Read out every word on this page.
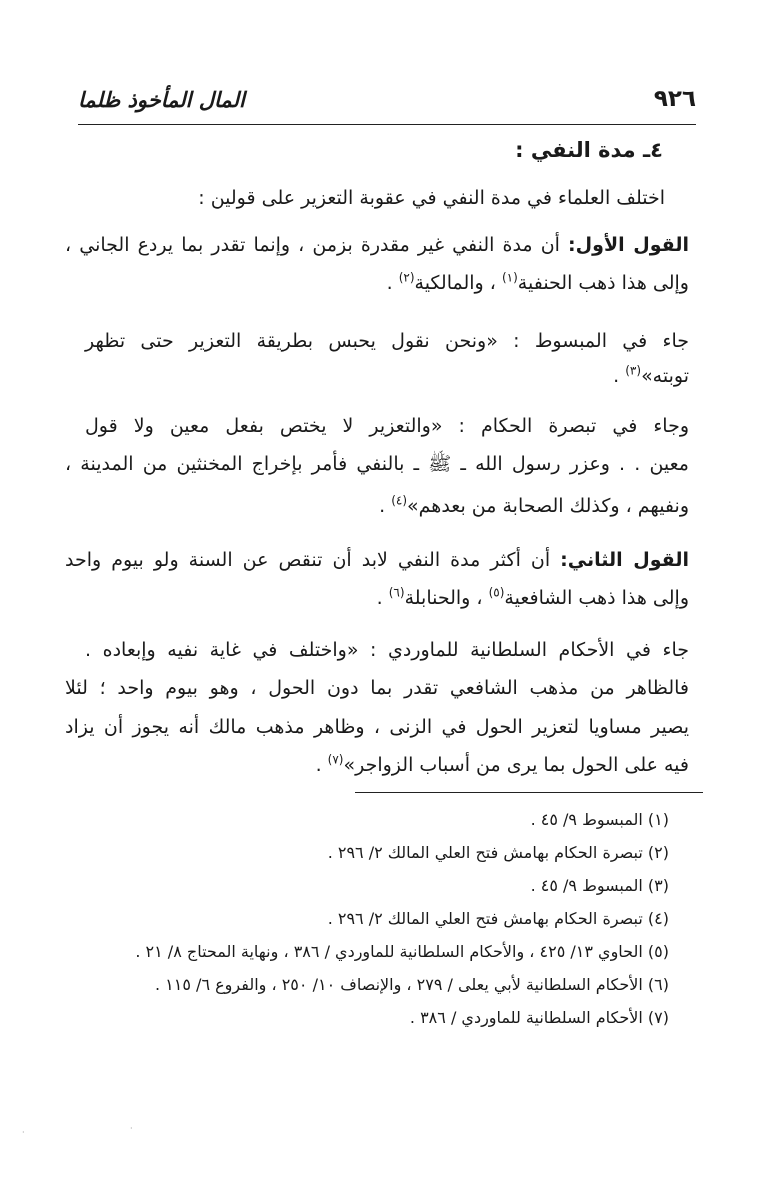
٩٢٦
المال المأخوذ ظلما
٤ـ مدة النفي :
اختلف العلماء في مدة النفي في عقوبة التعزير على قولين :
القول الأول: أن مدة النفي غير مقدرة بزمن ، وإنما تقدر بما يردع الجاني ،
وإلى هذا ذهب الحنفية$^{(١)}$ ، والمالكية$^{(٢)}$ .
جاء في المبسوط : «ونحن نقول يحبس بطريقة التعزير حتى تظهر
توبته»$^{(٣)}$ .
وجاء في تبصرة الحكام : «والتعزير لا يختص بفعل معين ولا قول
معين . . وعزر رسول الله ـ ﷺ ـ بالنفي فأمر بإخراج المخنثين من المدينة ،
ونفيهم ، وكذلك الصحابة من بعدهم»$^{(٤)}$ .
القول الثاني: أن أكثر مدة النفي لابد أن تنقص عن السنة ولو بيوم واحد
وإلى هذا ذهب الشافعية$^{(٥)}$ ، والحنابلة$^{(٦)}$ .
جاء في الأحكام السلطانية للماوردي : «واختلف في غاية نفيه وإبعاده .
فالظاهر من مذهب الشافعي تقدر بما دون الحول ، وهو بيوم واحد ؛ لئلا
يصير مساويا لتعزير الحول في الزنى ، وظاهر مذهب مالك أنه يجوز أن يزاد
فيه على الحول بما يرى من أسباب الزواجر»$^{(٧)}$ .
(١) المبسوط ٩/ ٤٥ .
(٢) تبصرة الحكام بهامش فتح العلي المالك ٢/ ٢٩٦ .
(٣) المبسوط ٩/ ٤٥ .
(٤) تبصرة الحكام بهامش فتح العلي المالك ٢/ ٢٩٦ .
(٥) الحاوي ١٣/ ٤٢٥ ، والأحكام السلطانية للماوردي / ٣٨٦ ، ونهاية المحتاج ٨/ ٢١ .
(٦) الأحكام السلطانية لأبي يعلى / ٢٧٩ ، والإنصاف ١٠/ ٢٥٠ ، والفروع ٦/ ١١٥ .
(٧) الأحكام السلطانية للماوردي / ٣٨٦ .
·	·
